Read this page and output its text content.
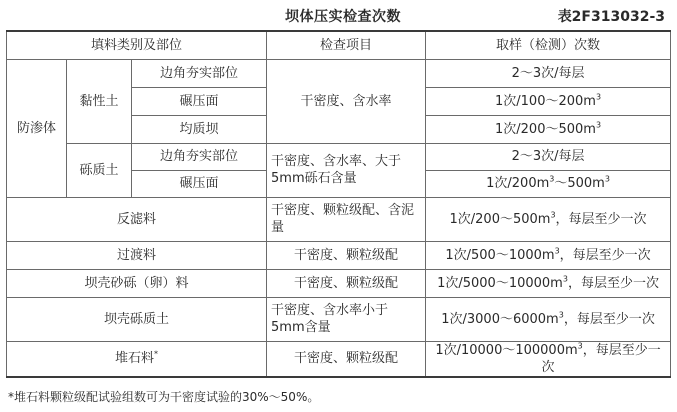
坝体压实检查次数	表2F313032-3
填料类别及部位			检查项目	取样（检测）次数
防渗体	黏性土	边角夯实部位	干密度、含水率	2～3次/每层
		碾压面		1次$/100\sim 200m^3$
		均质坝		1次$/200\sim 500m^3$
	砾质土	边角夯实部位	干密度、含水率、大于5mm砾石含量	2～3次/每层
		碾压面		1次$/200m^3\sim 500m^3$
反滤料			干密度、颗粒级配、含泥量	1次$/200\sim 500m^3$，每层至少一次
过渡料			干密度、颗粒级配	1次$/500\sim 1000m^3$，每层至少一次
坝壳砂砾（卵）料			干密度、颗粒级配	1次$/5000\sim 10000m^3$，每层至少一次
坝壳砾质土			干密度、含水率小于5mm含量	1次$/3000\sim 6000m^3$，每层至少一次
堆石料*			干密度、颗粒级配	1次$/10000\sim 100000m^3$，每层至少一次
*堆石料颗粒级配试验组数可为干密度试验的30%～50%。
